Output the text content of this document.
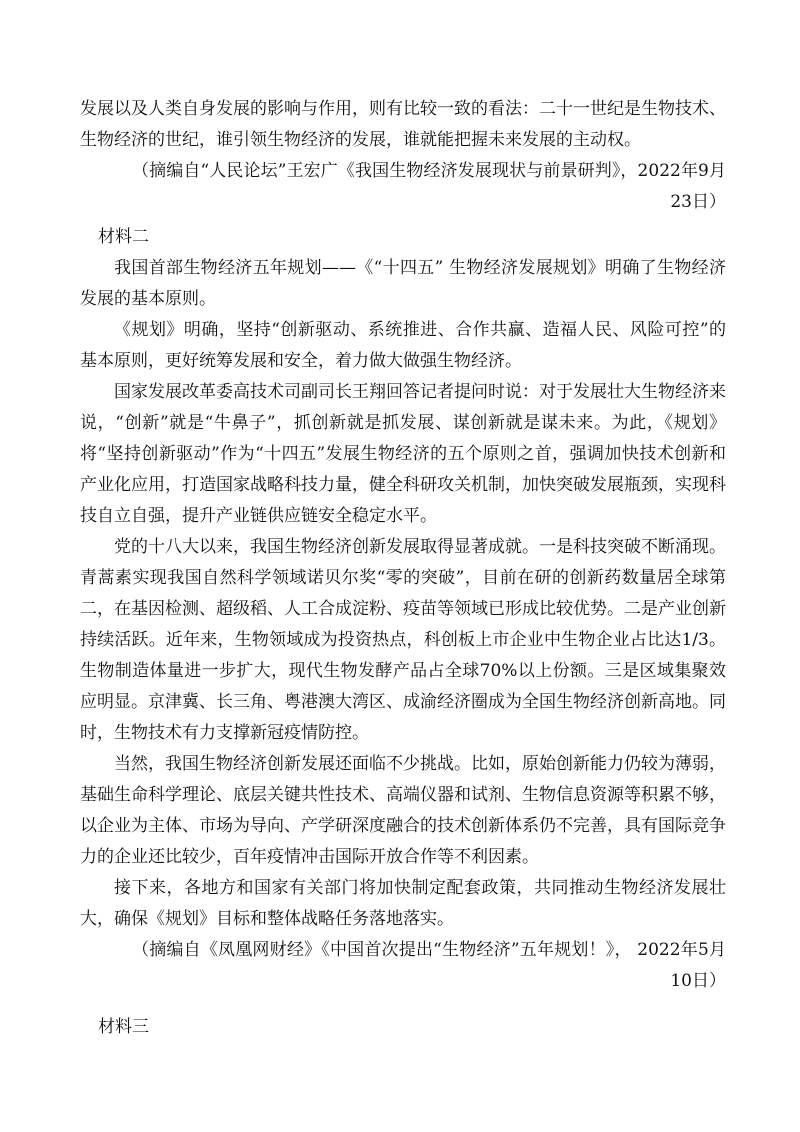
发展以及人类自身发展的影响与作用，则有比较一致的看法：二十一世纪是生物技术、生物经济的世纪，谁引领生物经济的发展，谁就能把握未来发展的主动权。

（摘编自“人民论坛”王宏广《我国生物经济发展现状与前景研判》，2022年9月23日）

材料二

我国首部生物经济五年规划——《“十四五” 生物经济发展规划》明确了生物经济发展的基本原则。

《规划》明确，坚持“创新驱动、系统推进、合作共赢、造福人民、风险可控”的基本原则，更好统筹发展和安全，着力做大做强生物经济。

国家发展改革委高技术司副司长王翔回答记者提问时说：对于发展壮大生物经济来说，“创新”就是“牛鼻子”，抓创新就是抓发展、谋创新就是谋未来。为此，《规划》将“坚持创新驱动”作为“十四五”发展生物经济的五个原则之首，强调加快技术创新和产业化应用，打造国家战略科技力量，健全科研攻关机制，加快突破发展瓶颈，实现科技自立自强，提升产业链供应链安全稳定水平。

党的十八大以来，我国生物经济创新发展取得显著成就。一是科技突破不断涌现。青蒿素实现我国自然科学领域诺贝尔奖“零的突破”，目前在研的创新药数量居全球第二，在基因检测、超级稻、人工合成淀粉、疫苗等领域已形成比较优势。二是产业创新持续活跃。近年来，生物领域成为投资热点，科创板上市企业中生物企业占比达1/3。生物制造体量进一步扩大，现代生物发酵产品占全球70%以上份额。三是区域集聚效应明显。京津冀、长三角、粤港澳大湾区、成渝经济圈成为全国生物经济创新高地。同时，生物技术有力支撑新冠疫情防控。

当然，我国生物经济创新发展还面临不少挑战。比如，原始创新能力仍较为薄弱，基础生命科学理论、底层关键共性技术、高端仪器和试剂、生物信息资源等积累不够，以企业为主体、市场为导向、产学研深度融合的技术创新体系仍不完善，具有国际竞争力的企业还比较少，百年疫情冲击国际开放合作等不利因素。

接下来，各地方和国家有关部门将加快制定配套政策，共同推动生物经济发展壮大，确保《规划》目标和整体战略任务落地落实。

（摘编自《凤凰网财经》《中国首次提出“生物经济”五年规划！》， 2022年5月10日）

材料三
